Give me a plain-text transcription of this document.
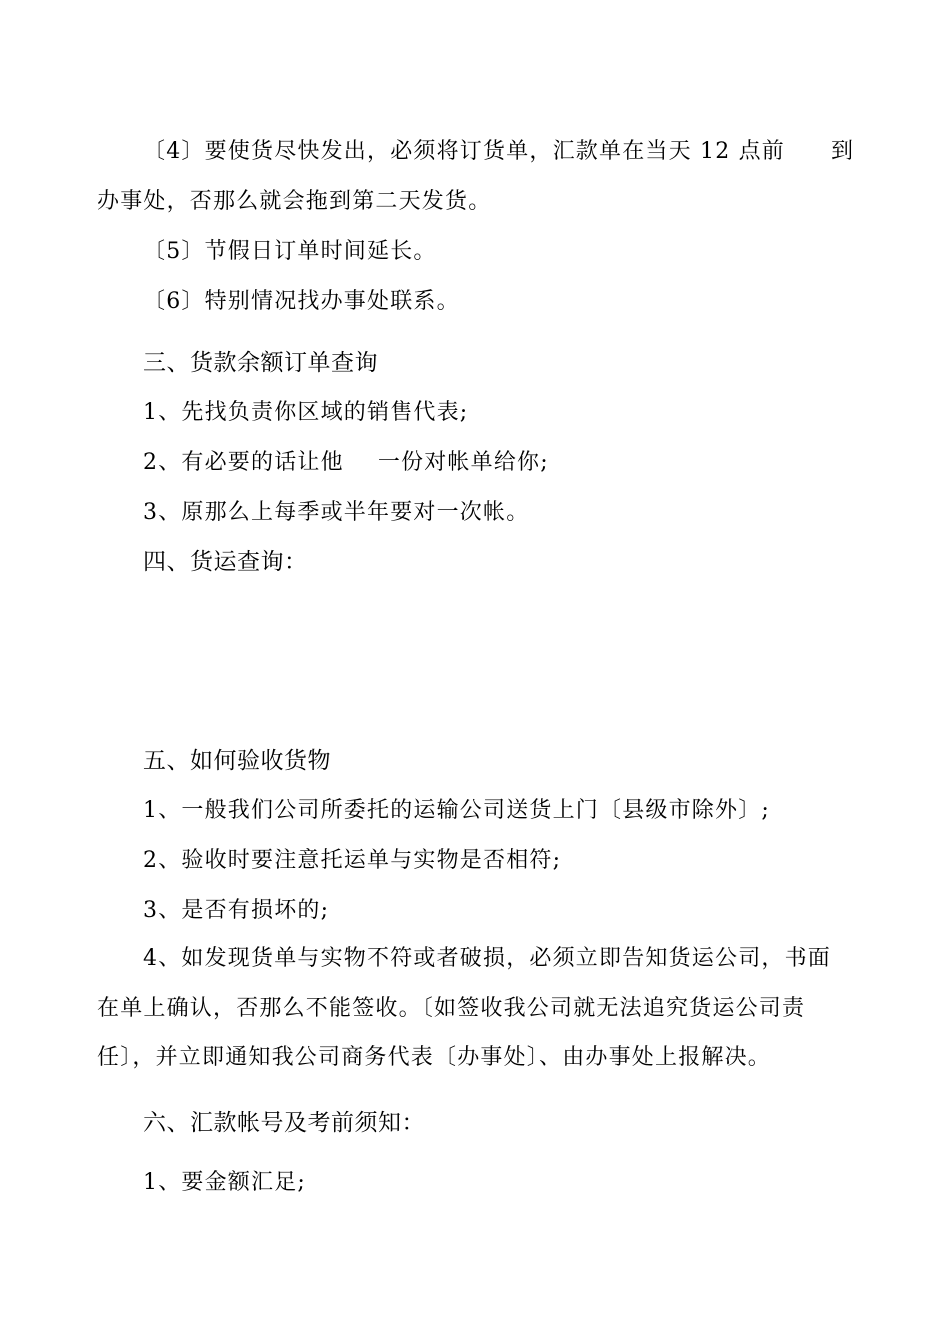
〔4〕要使货尽快发出，必须将订货单，汇款单在当天 12 点前 到
办事处，否那么就会拖到第二天发货。
〔5〕节假日订单时间延长。
〔6〕特别情况找办事处联系。
三、货款余额订单查询
1、先找负责你区域的销售代表;
2、有必要的话让他 一份对帐单给你;
3、原那么上每季或半年要对一次帐。
四、货运查询：
五、如何验收货物
1、一般我们公司所委托的运输公司送货上门〔县级市除外〕;
2、验收时要注意托运单与实物是否相符;
3、是否有损坏的;
4、如发现货单与实物不符或者破损，必须立即告知货运公司，书面
在单上确认，否那么不能签收。〔如签收我公司就无法追究货运公司责
任〕，并立即通知我公司商务代表〔办事处〕、由办事处上报解决。
六、汇款帐号及考前须知：
1、要金额汇足;
